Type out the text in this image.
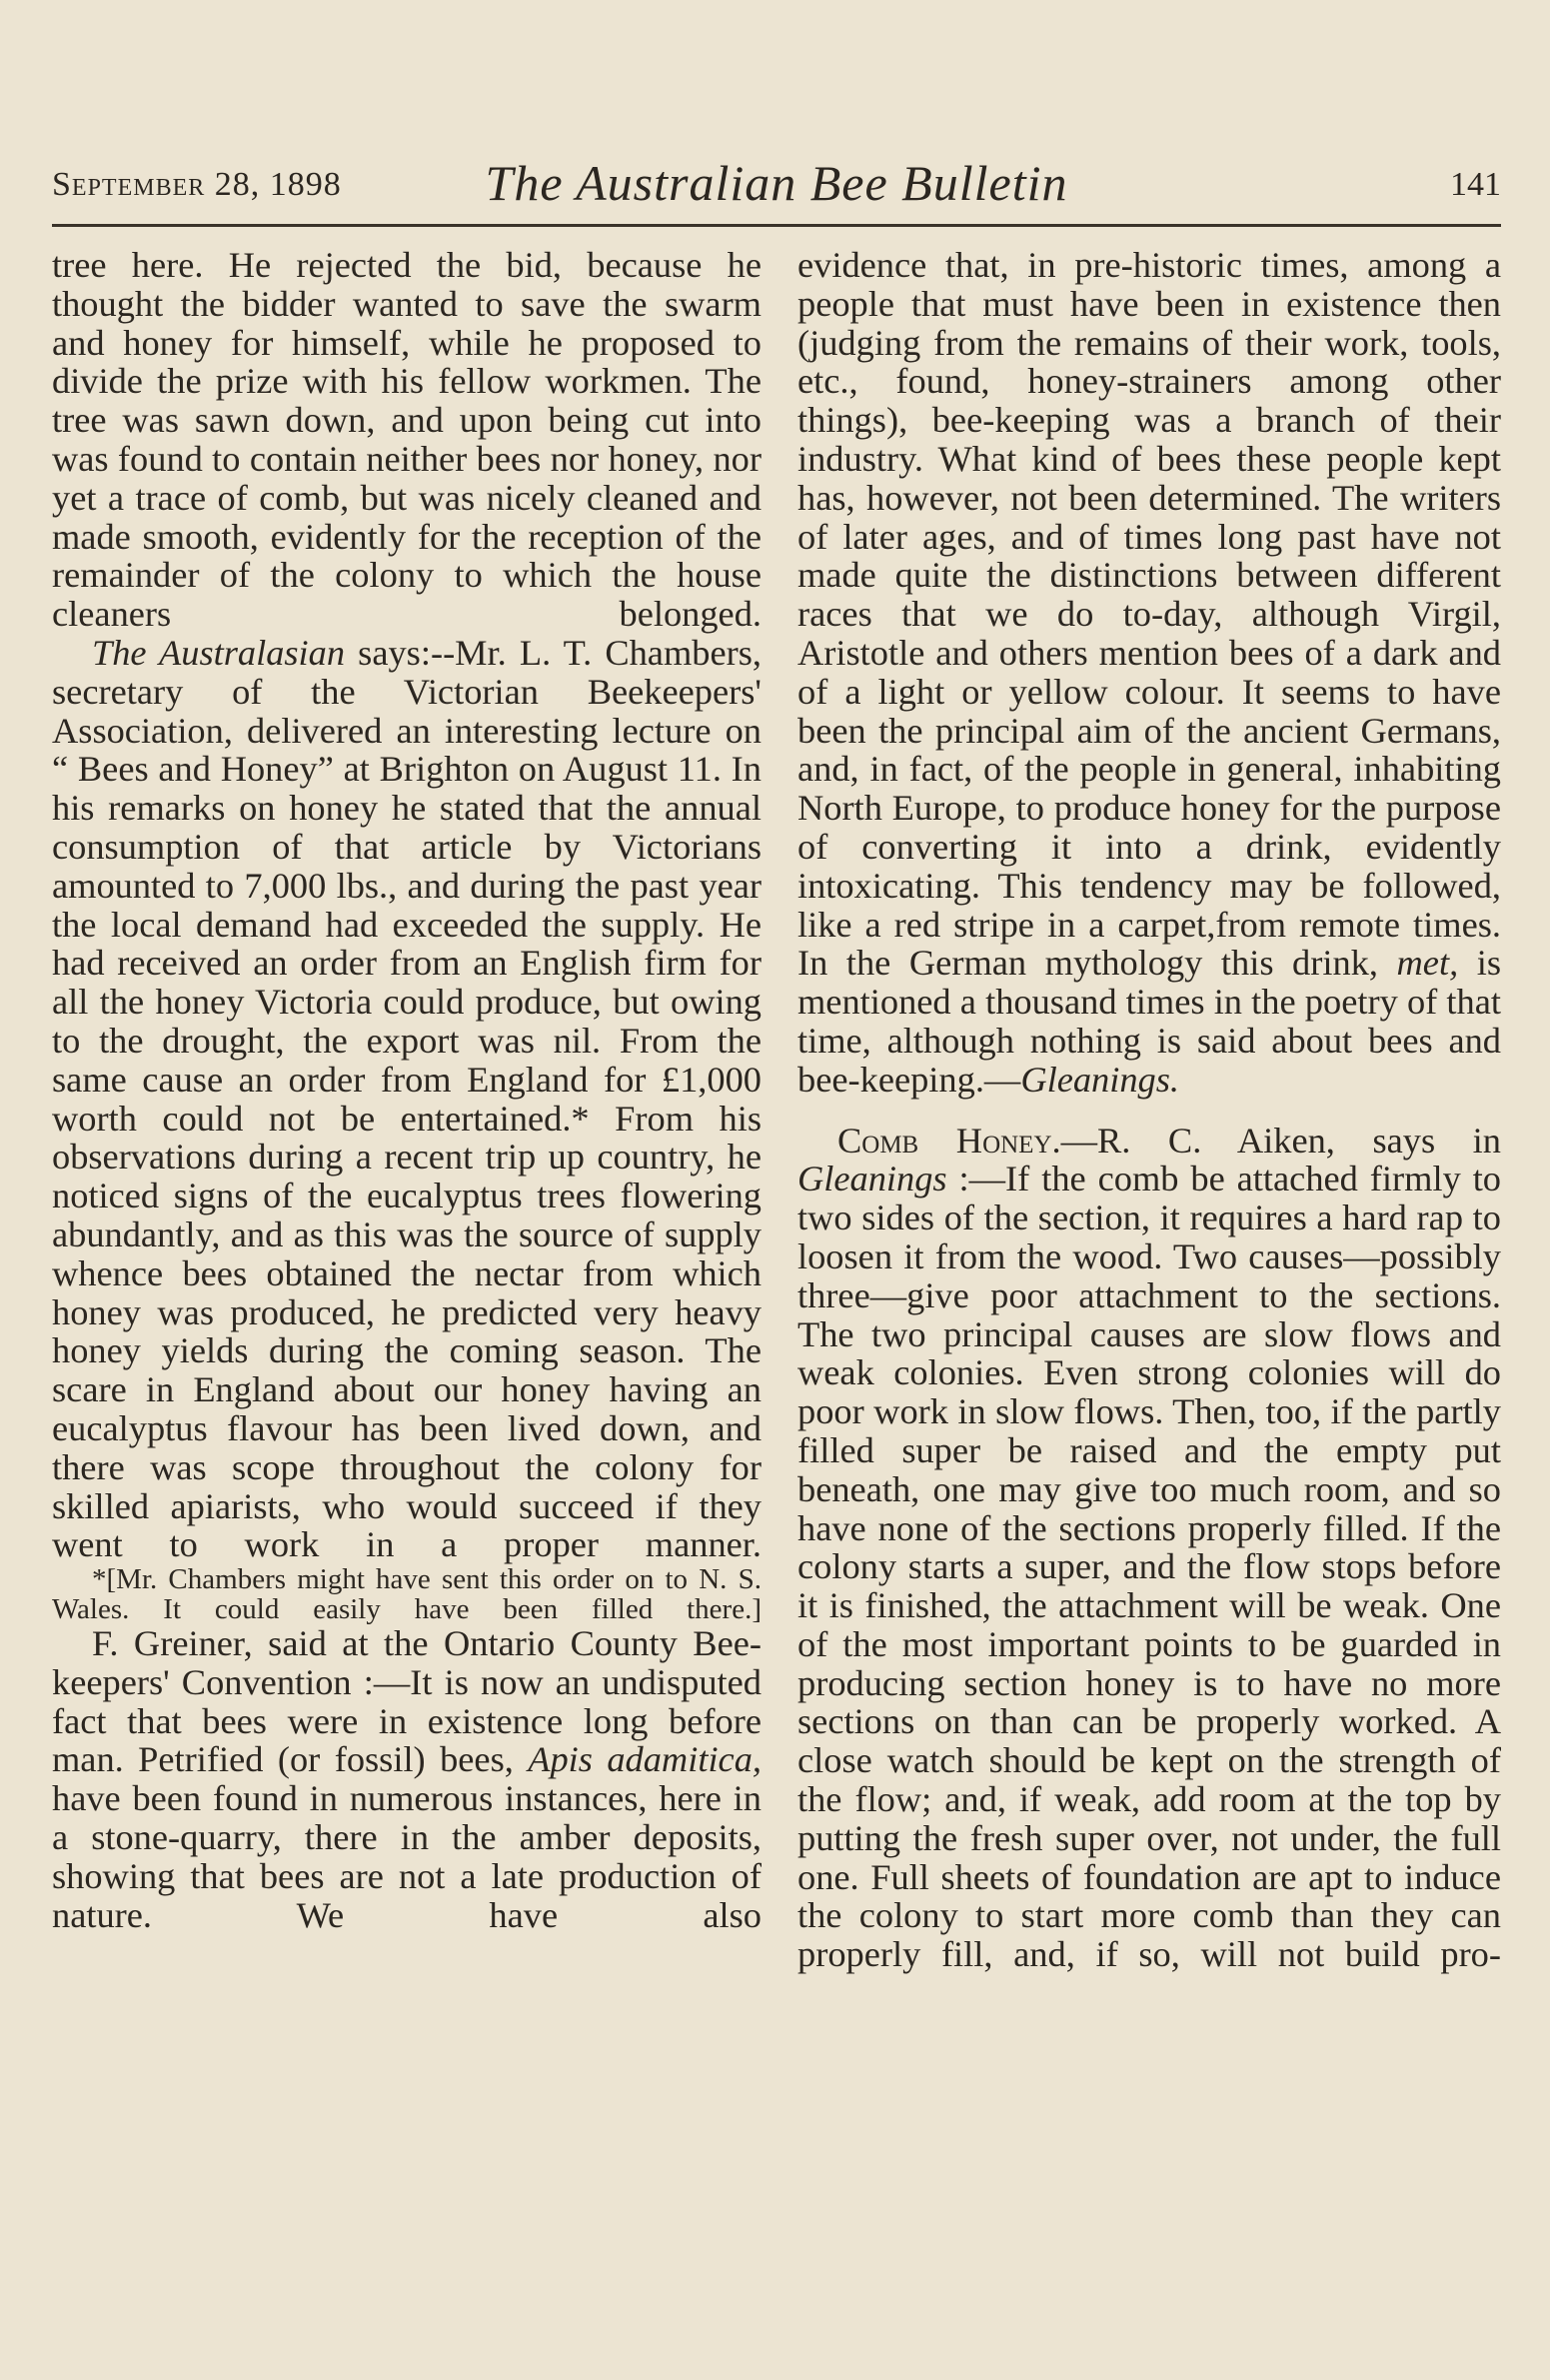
September 28, 1898	The Australian Bee Bulletin	141

tree here. He rejected the bid, because he thought the bidder wanted to save the swarm and honey for himself, while he proposed to divide the prize with his fellow workmen. The tree was sawn down, and upon being cut into was found to contain neither bees nor honey, nor yet a trace of comb, but was nicely cleaned and made smooth, evidently for the reception of the remainder of the colony to which the house cleaners belonged.

The Australasian says:--Mr. L. T. Chambers, secretary of the Victorian Beekeepers' Association, delivered an interesting lecture on “ Bees and Honey” at Brighton on August 11. In his remarks on honey he stated that the annual consumption of that article by Victorians amounted to 7,000 lbs., and during the past year the local demand had exceeded the supply. He had received an order from an English firm for all the honey Victoria could produce, but owing to the drought, the export was nil. From the same cause an order from England for £1,000 worth could not be entertained.* From his observations during a recent trip up country, he noticed signs of the eucalyptus trees flowering abundantly, and as this was the source of supply whence bees obtained the nectar from which honey was produced, he predicted very heavy honey yields during the coming season. The scare in England about our honey having an eucalyptus flavour has been lived down, and there was scope throughout the colony for skilled apiarists, who would succeed if they went to work in a proper manner.

*[Mr. Chambers might have sent this order on to N. S. Wales. It could easily have been filled there.]

F. Greiner, said at the Ontario County Bee-keepers' Convention :—It is now an undisputed fact that bees were in existence long before man. Petrified (or fossil) bees, Apis adamitica, have been found in numerous instances, here in a stone-quarry, there in the amber deposits, showing that bees are not a late production of nature. We have also

evidence that, in pre-historic times, among a people that must have been in existence then (judging from the remains of their work, tools, etc., found, honey-strainers among other things), bee-keeping was a branch of their industry. What kind of bees these people kept has, however, not been determined. The writers of later ages, and of times long past have not made quite the distinctions between different races that we do to-day, although Virgil, Aristotle and others mention bees of a dark and of a light or yellow colour. It seems to have been the principal aim of the ancient Germans, and, in fact, of the people in general, inhabiting North Europe, to produce honey for the purpose of converting it into a drink, evidently intoxicating. This tendency may be followed, like a red stripe in a carpet,from remote times. In the German mythology this drink, met, is mentioned a thousand times in the poetry of that time, although nothing is said about bees and bee-keeping.—Gleanings.

Comb Honey.—R. C. Aiken, says in Gleanings :—If the comb be attached firmly to two sides of the section, it requires a hard rap to loosen it from the wood. Two causes—possibly three—give poor attachment to the sections. The two principal causes are slow flows and weak colonies. Even strong colonies will do poor work in slow flows. Then, too, if the partly filled super be raised and the empty put beneath, one may give too much room, and so have none of the sections properly filled. If the colony starts a super, and the flow stops before it is finished, the attachment will be weak. One of the most important points to be guarded in producing section honey is to have no more sections on than can be properly worked. A close watch should be kept on the strength of the flow; and, if weak, add room at the top by putting the fresh super over, not under, the full one. Full sheets of foundation are apt to induce the colony to start more comb than they can properly fill, and, if so, will not build pro-
